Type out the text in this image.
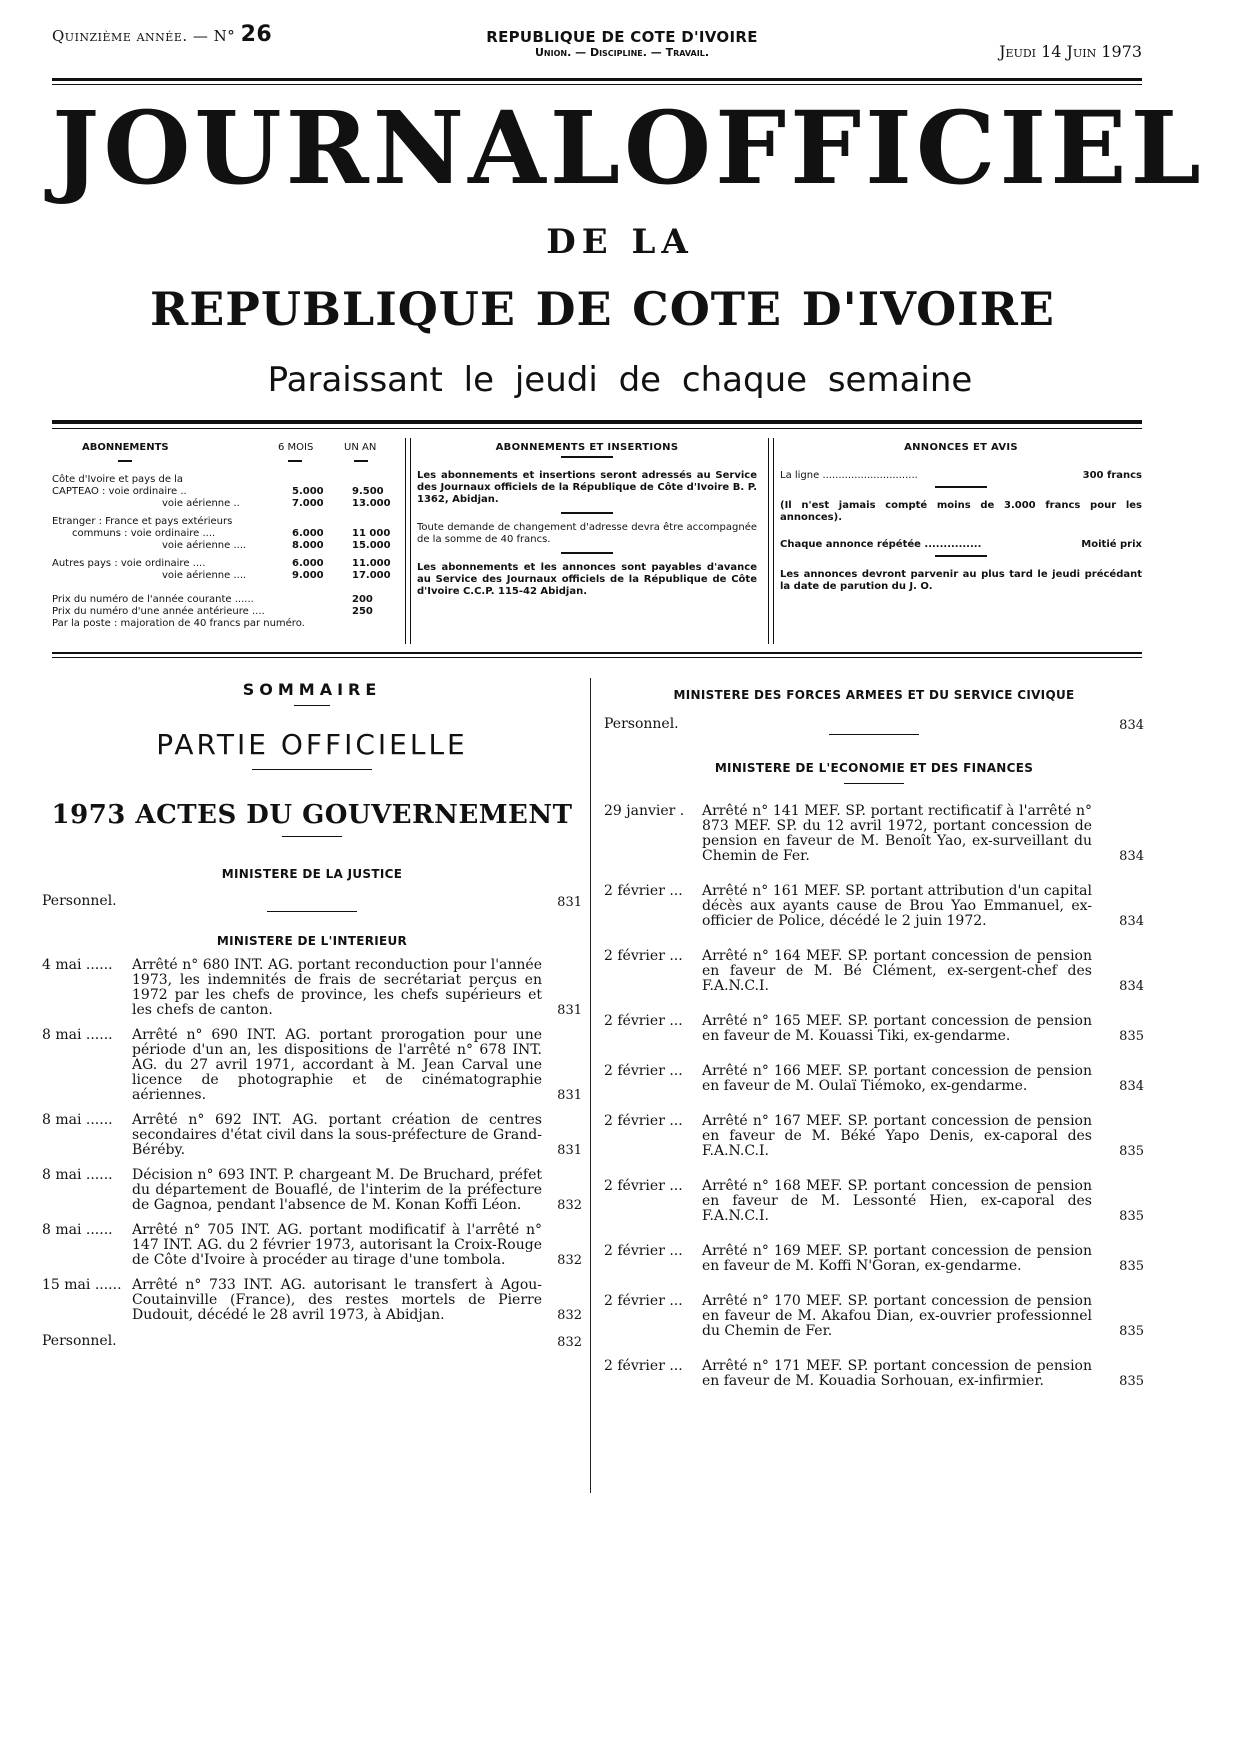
Quinzième année. — N° 26	REPUBLIQUE DE COTE D'IVOIRE
Union. — Discipline. — Travail.	Jeudi 14 Juin 1973
JOURNAL OFFICIEL
DE LA
REPUBLIQUE DE COTE D'IVOIRE
Paraissant le jeudi de chaque semaine
ABONNEMENTS	6 MOIS	UN AN
Côte d'Ivoire et pays de la
CAPTEAO : voie ordinaire ..	5.000	9.500
voie aérienne ..	7.000	13.000
Etranger : France et pays extérieurs
communs : voie ordinaire ....	6.000	11 000
voie aérienne ....	8.000	15.000
Autres pays : voie ordinaire ....	6.000	11.000
voie aérienne ....	9.000	17.000
Prix du numéro de l'année courante ......	200
Prix du numéro d'une année antérieure ....	250
Par la poste : majoration de 40 francs par numéro.
ABONNEMENTS ET INSERTIONS

Les abonnements et insertions seront adressés au Service des Journaux officiels de la République de Côte d'Ivoire B. P. 1362, Abidjan.

Toute demande de changement d'adresse devra être accompagnée de la somme de 40 francs.

Les abonnements et les annonces sont payables d'avance au Service des Journaux officiels de la République de Côte d'Ivoire C.C.P. 115-42 Abidjan.

ANNONCES ET AVIS
La ligne ..............................	300 francs

(Il n'est jamais compté moins de 3.000 francs pour les annonces).

Chaque annonce répétée ...............	Moitié prix

Les annonces devront parvenir au plus tard le jeudi précédant la date de parution du J. O.

SOMMAIRE
PARTIE OFFICIELLE
1973 ACTES DU GOUVERNEMENT
MINISTERE DE LA JUSTICE
Personnel.	831
MINISTERE DE L'INTERIEUR
4 mai ...... Arrêté n° 680 INT. AG. portant reconduction pour l'année 1973, les indemnités de frais de secrétariat perçus en 1972 par les chefs de province, les chefs supérieurs et les chefs de canton.	831
8 mai ...... Arrêté n° 690 INT. AG. portant prorogation pour une période d'un an, les dispositions de l'arrêté n° 678 INT. AG. du 27 avril 1971, accordant à M. Jean Carval une licence de photographie et de cinématographie aériennes.	831
8 mai ...... Arrêté n° 692 INT. AG. portant création de centres secondaires d'état civil dans la sous-préfecture de Grand-Béréby.	831
8 mai ...... Décision n° 693 INT. P. chargeant M. De Bruchard, préfet du département de Bouaflé, de l'interim de la préfecture de Gagnoa, pendant l'absence de M. Konan Koffi Léon.	832
8 mai ...... Arrêté n° 705 INT. AG. portant modificatif à l'arrêté n° 147 INT. AG. du 2 février 1973, autorisant la Croix-Rouge de Côte d'Ivoire à procéder au tirage d'une tombola.	832
15 mai ...... Arrêté n° 733 INT. AG. autorisant le transfert à Agou-Coutainville (France), des restes mortels de Pierre Dudouit, décédé le 28 avril 1973, à Abidjan.	832
Personnel.	832
MINISTERE DES FORCES ARMEES ET DU SERVICE CIVIQUE
Personnel.	834
MINISTERE DE L'ECONOMIE ET DES FINANCES
29 janvier . Arrêté n° 141 MEF. SP. portant rectificatif à l'arrêté n° 873 MEF. SP. du 12 avril 1972, portant concession de pension en faveur de M. Benoît Yao, ex-surveillant du Chemin de Fer.	834
2 février ... Arrêté n° 161 MEF. SP. portant attribution d'un capital décès aux ayants cause de Brou Yao Emmanuel, ex-officier de Police, décédé le 2 juin 1972.	834
2 février ... Arrêté n° 164 MEF. SP. portant concession de pension en faveur de M. Bé Clément, ex-sergent-chef des F.A.N.C.I.	834
2 février ... Arrêté n° 165 MEF. SP. portant concession de pension en faveur de M. Kouassi Tiki, ex-gendarme.	835
2 février ... Arrêté n° 166 MEF. SP. portant concession de pension en faveur de M. Oulaï Tiémoko, ex-gendarme.	834
2 février ... Arrêté n° 167 MEF. SP. portant concession de pension en faveur de M. Béké Yapo Denis, ex-caporal des F.A.N.C.I.	835
2 février ... Arrêté n° 168 MEF. SP. portant concession de pension en faveur de M. Lessonté Hien, ex-caporal des F.A.N.C.I.	835
2 février ... Arrêté n° 169 MEF. SP. portant concession de pension en faveur de M. Koffi N'Goran, ex-gendarme.	835
2 février ... Arrêté n° 170 MEF. SP. portant concession de pension en faveur de M. Akafou Dian, ex-ouvrier professionnel du Chemin de Fer.	835
2 février ... Arrêté n° 171 MEF. SP. portant concession de pension en faveur de M. Kouadia Sorhouan, ex-infirmier.	835
